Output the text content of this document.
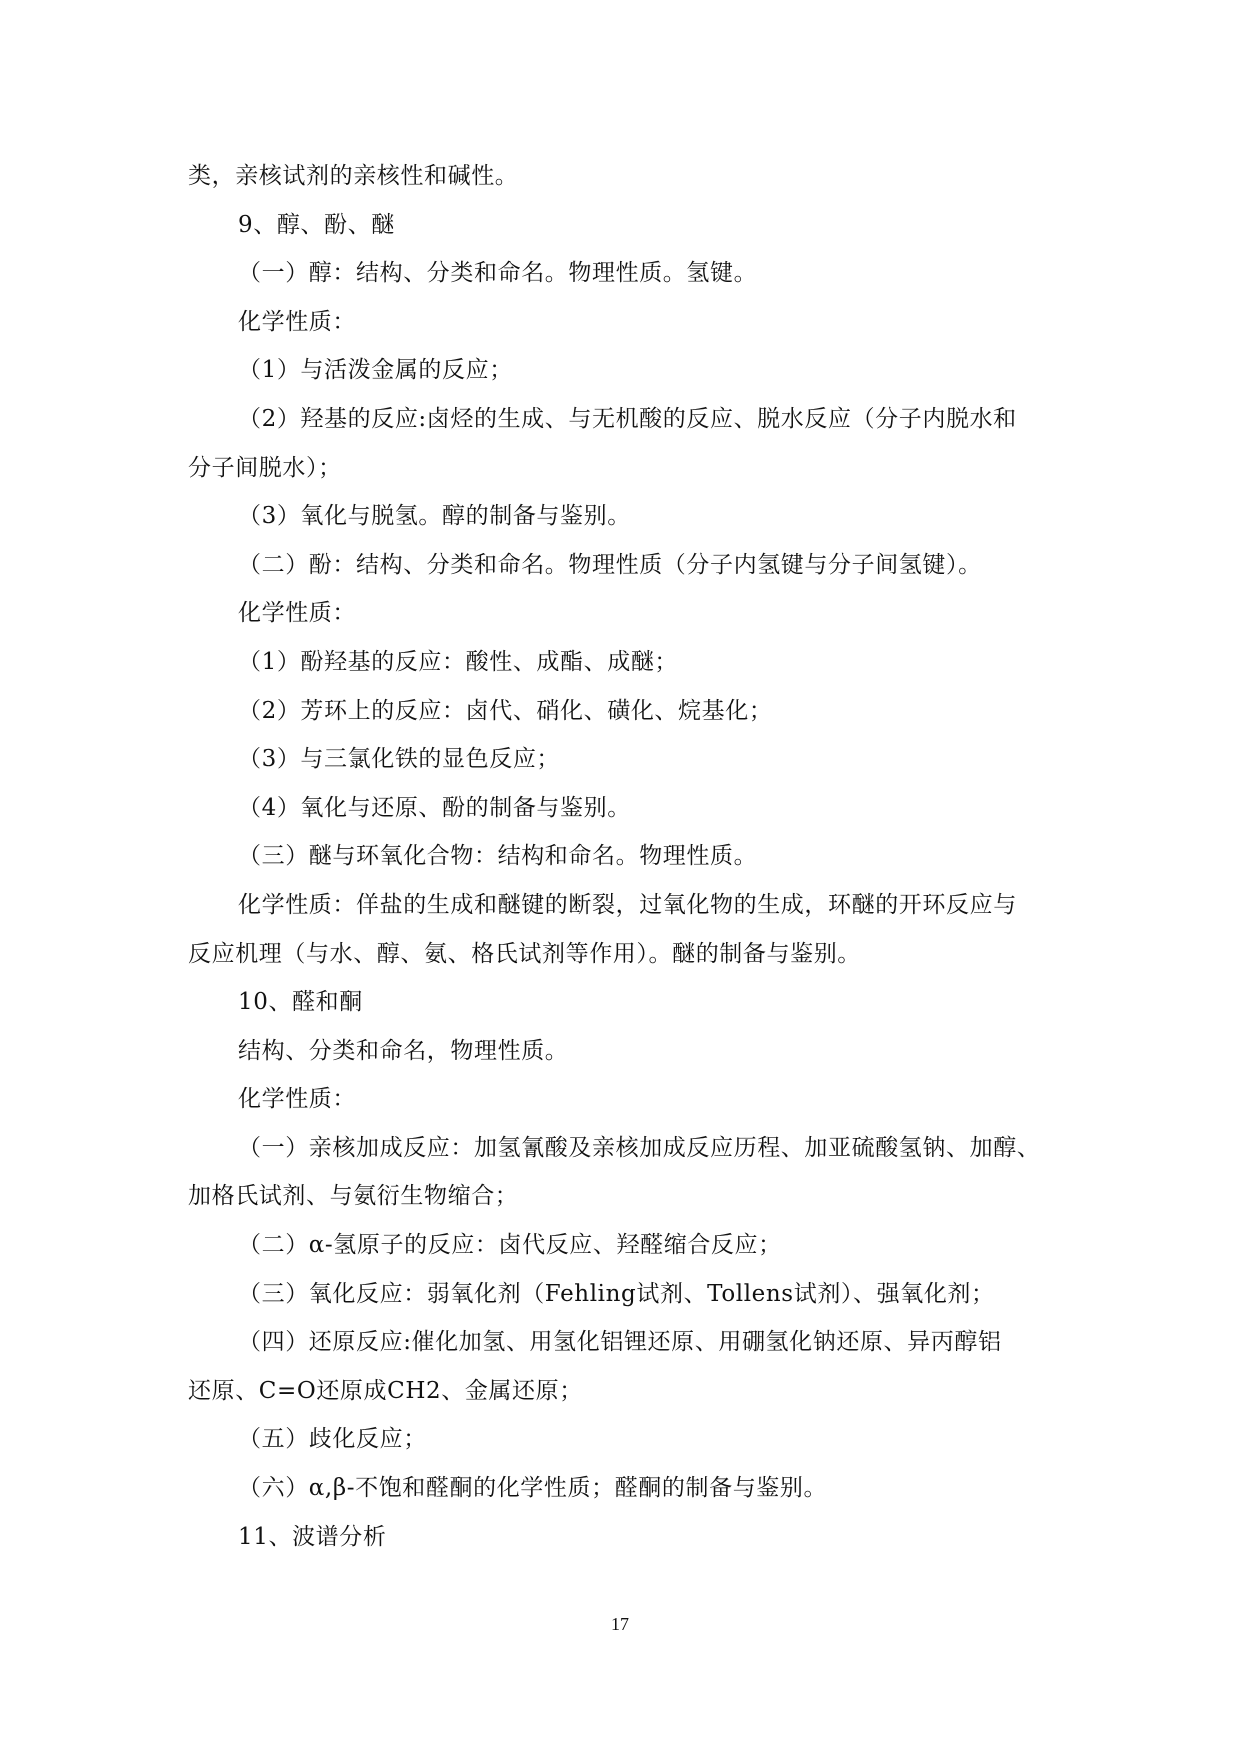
类，亲核试剂的亲核性和碱性。

9、醇、酚、醚

（一）醇：结构、分类和命名。物理性质。氢键。

化学性质：

（1）与活泼金属的反应；

（2）羟基的反应:卤烃的生成、与无机酸的反应、脱水反应（分子内脱水和

分子间脱水）；

（3）氧化与脱氢。醇的制备与鉴别。

（二）酚：结构、分类和命名。物理性质（分子内氢键与分子间氢键）。

化学性质：

（1）酚羟基的反应：酸性、成酯、成醚；

（2）芳环上的反应：卤代、硝化、磺化、烷基化；

（3）与三氯化铁的显色反应；

（4）氧化与还原、酚的制备与鉴别。

（三）醚与环氧化合物：结构和命名。物理性质。

化学性质：佯盐的生成和醚键的断裂，过氧化物的生成，环醚的开环反应与

反应机理（与水、醇、氨、格氏试剂等作用）。醚的制备与鉴别。

10、醛和酮

结构、分类和命名，物理性质。

化学性质：

（一）亲核加成反应：加氢氰酸及亲核加成反应历程、加亚硫酸氢钠、加醇、

加格氏试剂、与氨衍生物缩合；

（二）α-氢原子的反应：卤代反应、羟醛缩合反应；

（三）氧化反应：弱氧化剂（Fehling试剂、Tollens试剂）、强氧化剂；

（四）还原反应:催化加氢、用氢化铝锂还原、用硼氢化钠还原、异丙醇铝

还原、C=O还原成CH2、金属还原；

（五）歧化反应；

（六）α,β-不饱和醛酮的化学性质；醛酮的制备与鉴别。

11、波谱分析

17
